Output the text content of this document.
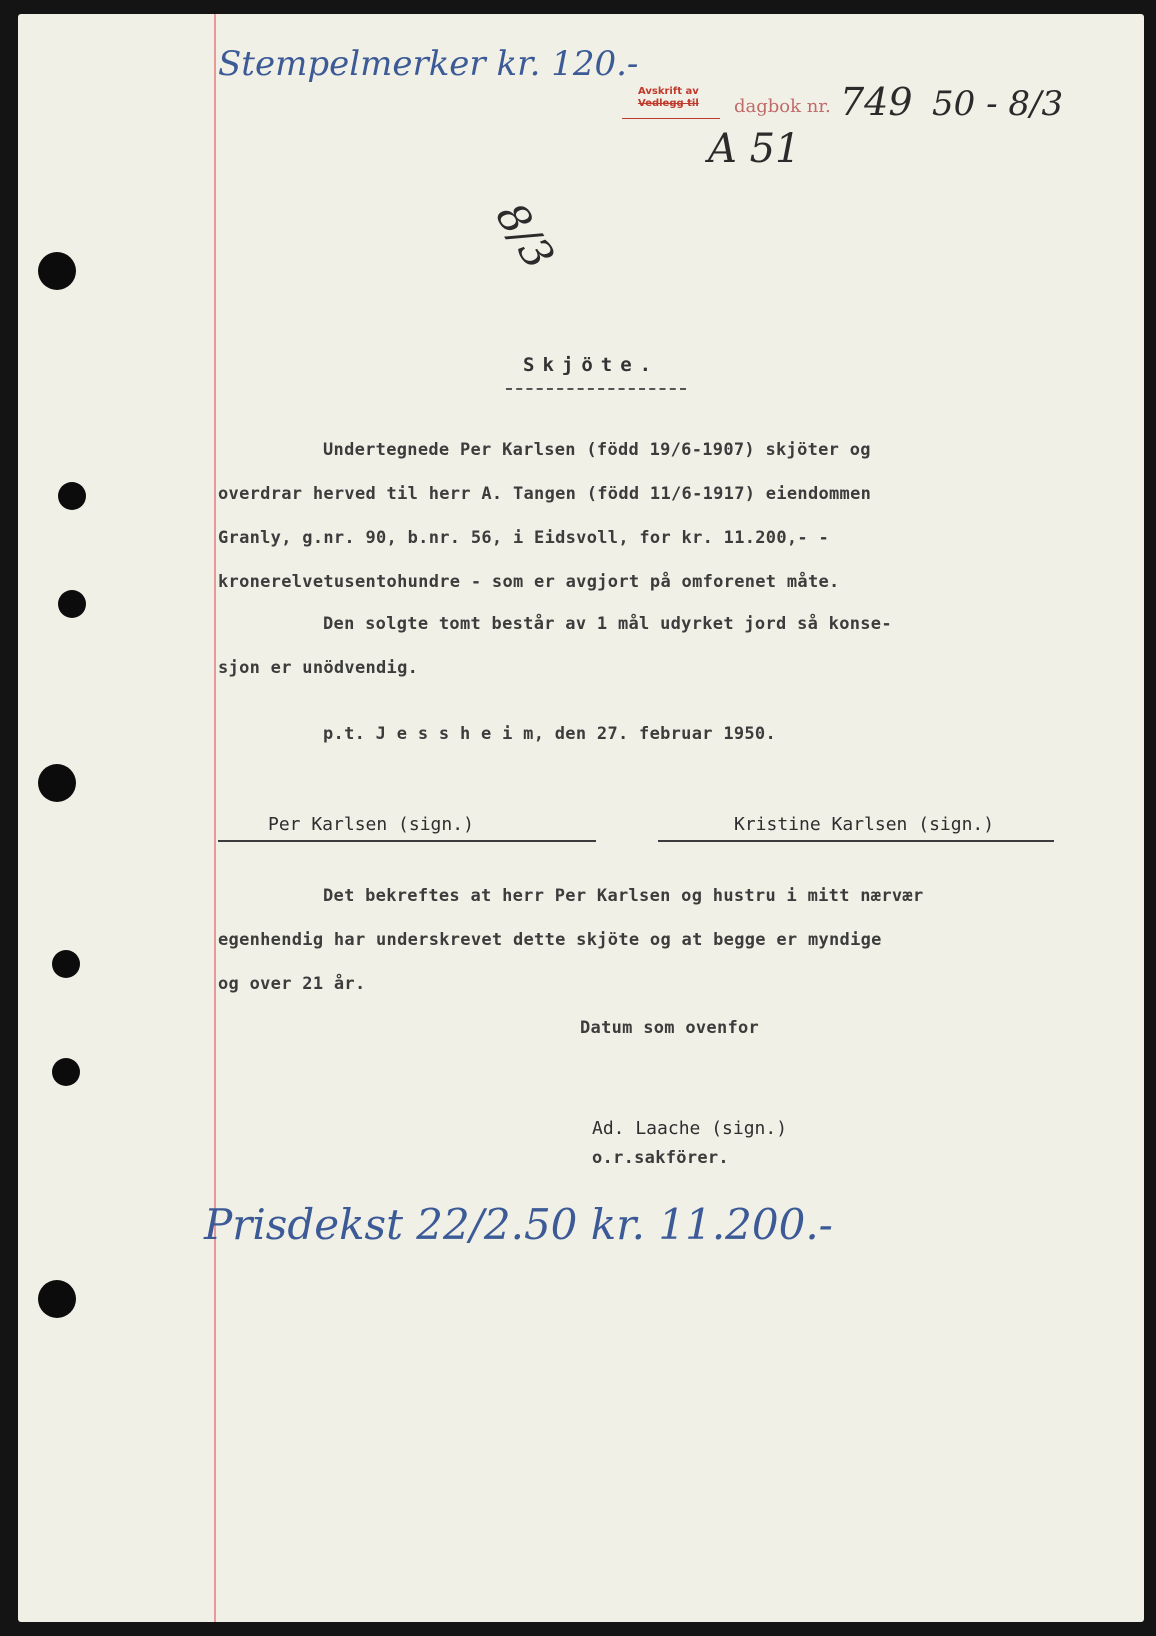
Stempelmerker kr. 120.-
Avskrift av
Vedlegg til dagbok nr. 749 50 - 8/3
A 51
8/3
Skjöte.
Undertegnede Per Karlsen (född 19/6-1907) skjöter og
overdrar herved til herr A. Tangen (född 11/6-1917) eiendommen
Granly, g.nr. 90, b.nr. 56, i Eidsvoll, for kr. 11.200,- -
kronerelvetusentohundre - som er avgjort på omforenet måte.
Den solgte tomt består av 1 mål udyrket jord så konse-
sjon er unödvendig.
p.t. J e s s h e i m, den 27. februar 1950.
Per Karlsen (sign.)	Kristine Karlsen (sign.)
Det bekreftes at herr Per Karlsen og hustru i mitt nærvær
egenhendig har underskrevet dette skjöte og at begge er myndige
og over 21 år.
Datum som ovenfor
Ad. Laache (sign.)
o.r.sakförer.
Prisdekst 22/2.50 kr. 11.200.-
